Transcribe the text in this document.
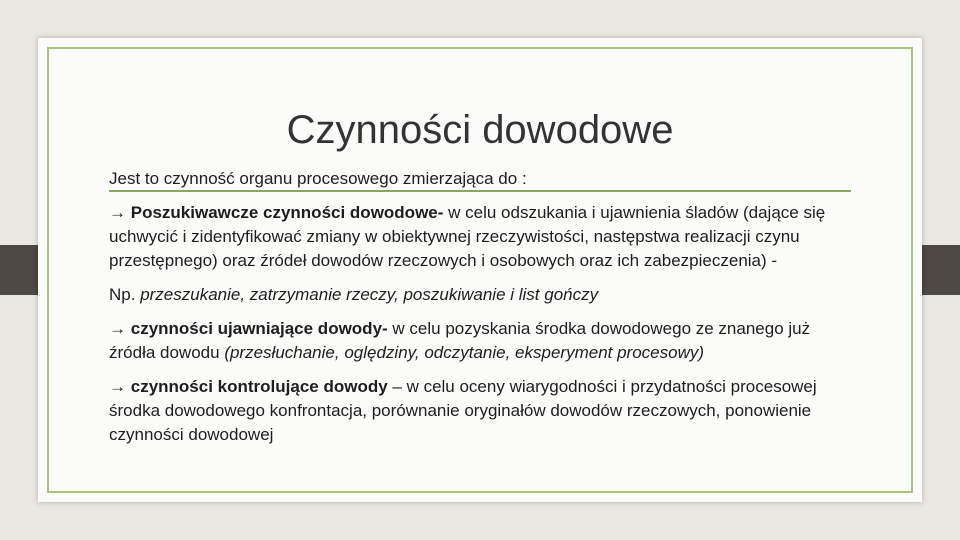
Czynności dowodowe
Jest to czynność organu procesowego zmierzająca do :

→ Poszukiwawcze czynności dowodowe- w celu odszukania i ujawnienia śladów (dające się uchwycić i zidentyfikować zmiany w obiektywnej rzeczywistości, następstwa realizacji czynu przestępnego) oraz źródeł dowodów rzeczowych i osobowych oraz ich zabezpieczenia) -

Np. przeszukanie, zatrzymanie rzeczy, poszukiwanie i list gończy

→ czynności ujawniające dowody- w celu pozyskania środka dowodowego ze znanego już źródła dowodu (przesłuchanie, oględziny, odczytanie, eksperyment procesowy)

→ czynności kontrolujące dowody – w celu oceny wiarygodności i przydatności procesowej środka dowodowego konfrontacja, porównanie oryginałów dowodów rzeczowych, ponowienie czynności dowodowej
